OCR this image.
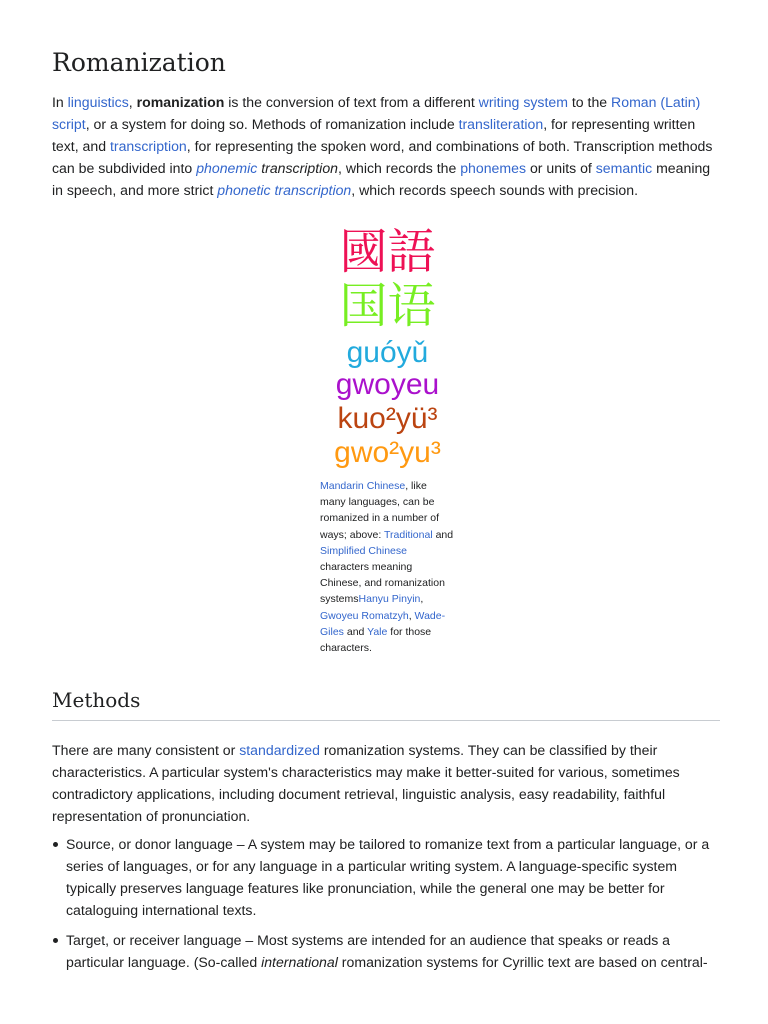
Romanization

In linguistics, romanization is the conversion of text from a different writing system to the Roman (Latin) script, or a system for doing so. Methods of romanization include transliteration, for representing written text, and transcription, for representing the spoken word, and combinations of both. Transcription methods can be subdivided into phonemic transcription, which records the phonemes or units of semantic meaning in speech, and more strict phonetic transcription, which records speech sounds with precision.

國語
国语
guóyǔ
gwoyeu
kuo²yü³
gwo²yu³
Mandarin Chinese, like many languages, can be romanized in a number of ways; above: Traditional and Simplified Chinese characters meaning Chinese, and romanization systemsHanyu Pinyin, Gwoyeu Romatzyh, Wade-Giles and Yale for those characters.
Methods

There are many consistent or standardized romanization systems. They can be classified by their characteristics. A particular system's characteristics may make it better-suited for various, sometimes contradictory applications, including document retrieval, linguistic analysis, easy readability, faithful representation of pronunciation.

Source, or donor language – A system may be tailored to romanize text from a particular language, or a series of languages, or for any language in a particular writing system. A language-specific system typically preserves language features like pronunciation, while the general one may be better for cataloguing international texts.
Target, or receiver language – Most systems are intended for an audience that speaks or reads a particular language. (So-called international romanization systems for Cyrillic text are based on central-
